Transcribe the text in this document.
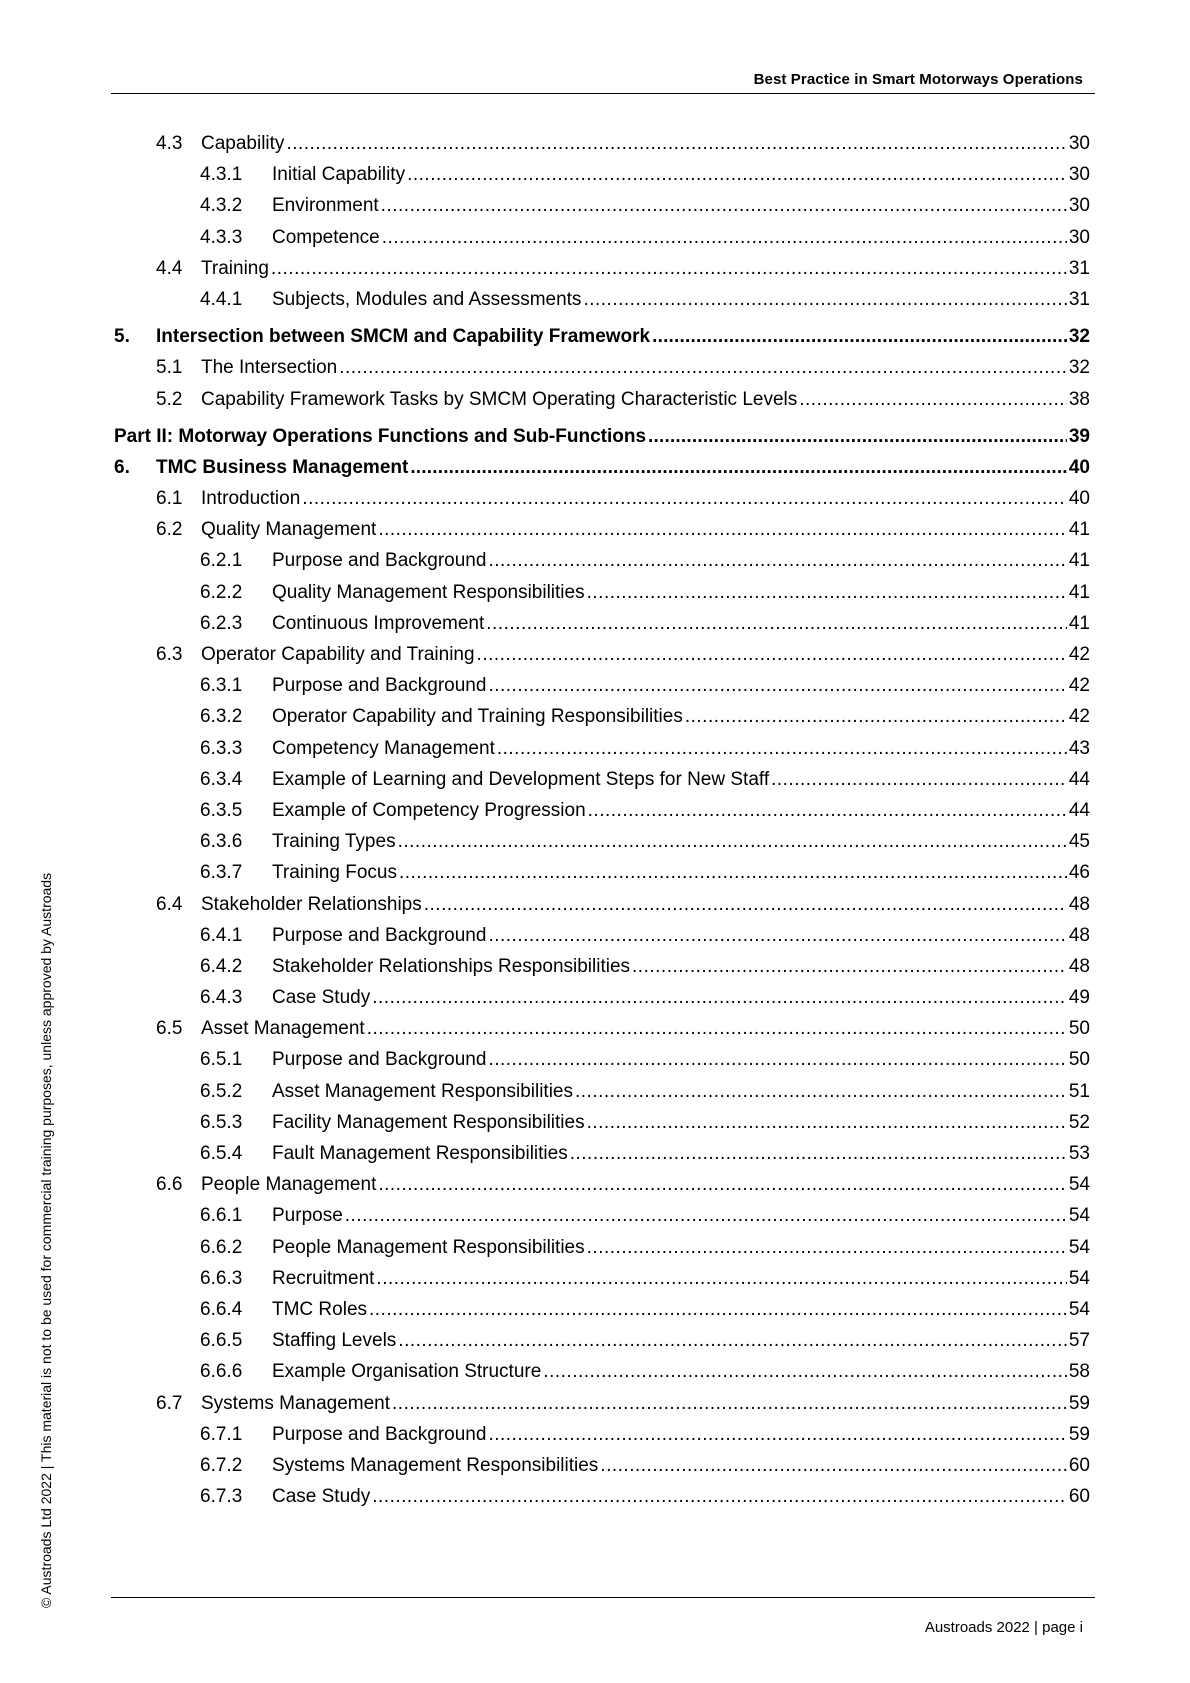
Best Practice in Smart Motorways Operations
© Austroads Ltd 2022 | This material is not to be used for commercial training purposes, unless approved by Austroads
4.3 Capability .....	30
4.3.1	Initial Capability .....	30
4.3.2	Environment .....	30
4.3.3	Competence .....	30
4.4 Training .....	31
4.4.1	Subjects, Modules and Assessments .....	31
5.	Intersection between SMCM and Capability Framework .....	32
5.1 The Intersection .....	32
5.2 Capability Framework Tasks by SMCM Operating Characteristic Levels .....	38
Part II: Motorway Operations Functions and Sub-Functions .....	39
6.	TMC Business Management .....	40
6.1 Introduction .....	40
6.2 Quality Management .....	41
6.2.1	Purpose and Background .....	41
6.2.2	Quality Management Responsibilities .....	41
6.2.3	Continuous Improvement .....	41
6.3 Operator Capability and Training .....	42
6.3.1	Purpose and Background .....	42
6.3.2	Operator Capability and Training Responsibilities .....	42
6.3.3	Competency Management .....	43
6.3.4	Example of Learning and Development Steps for New Staff .....	44
6.3.5	Example of Competency Progression .....	44
6.3.6	Training Types .....	45
6.3.7	Training Focus .....	46
6.4 Stakeholder Relationships .....	48
6.4.1	Purpose and Background .....	48
6.4.2	Stakeholder Relationships Responsibilities .....	48
6.4.3	Case Study .....	49
6.5 Asset Management .....	50
6.5.1	Purpose and Background .....	50
6.5.2	Asset Management Responsibilities .....	51
6.5.3	Facility Management Responsibilities .....	52
6.5.4	Fault Management Responsibilities .....	53
6.6 People Management .....	54
6.6.1	Purpose .....	54
6.6.2	People Management Responsibilities .....	54
6.6.3	Recruitment .....	54
6.6.4	TMC Roles .....	54
6.6.5	Staffing Levels .....	57
6.6.6	Example Organisation Structure .....	58
6.7 Systems Management .....	59
6.7.1	Purpose and Background .....	59
6.7.2	Systems Management Responsibilities .....	60
6.7.3	Case Study .....	60
Austroads 2022 | page i
